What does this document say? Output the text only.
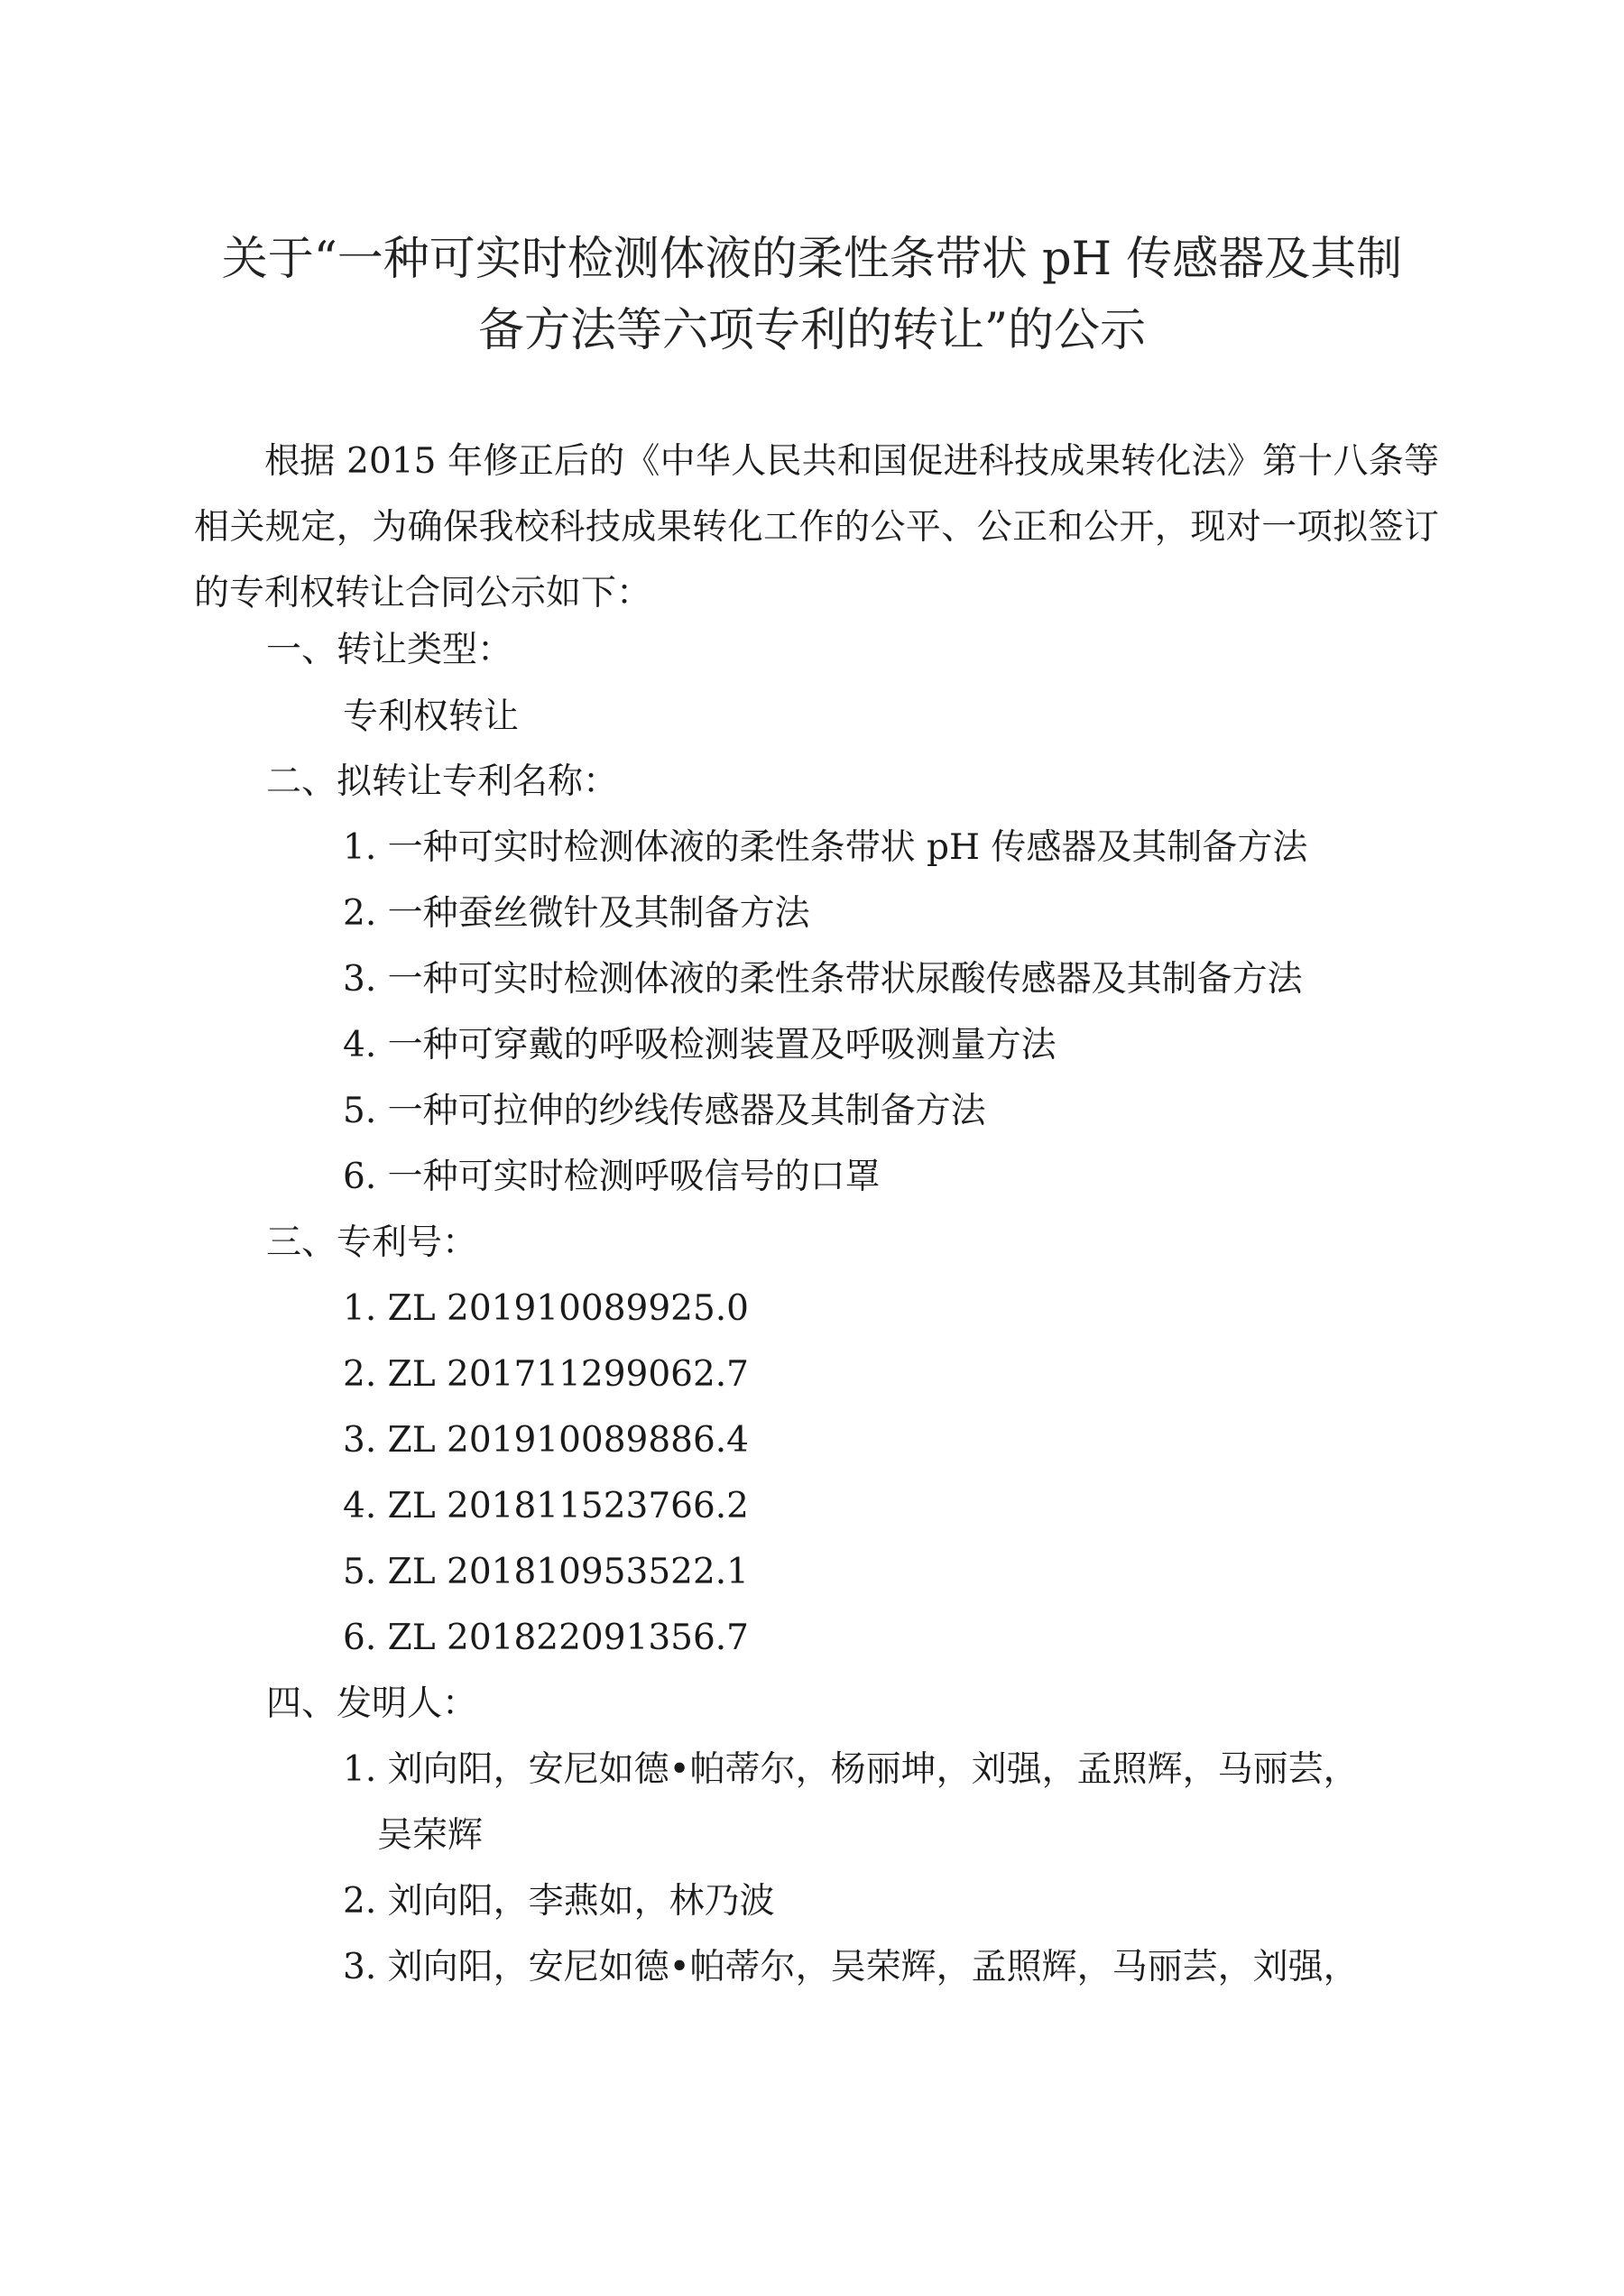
关于“一种可实时检测体液的柔性条带状 pH 传感器及其制
备方法等六项专利的转让”的公示

根据 2015 年修正后的《中华人民共和国促进科技成果转化法》第十八条等相关规定，为确保我校科技成果转化工作的公平、公正和公开，现对一项拟签订的专利权转让合同公示如下：

一、转让类型：
专利权转让
二、拟转让专利名称：
1. 一种可实时检测体液的柔性条带状 pH 传感器及其制备方法
2. 一种蚕丝微针及其制备方法
3. 一种可实时检测体液的柔性条带状尿酸传感器及其制备方法
4. 一种可穿戴的呼吸检测装置及呼吸测量方法
5. 一种可拉伸的纱线传感器及其制备方法
6. 一种可实时检测呼吸信号的口罩
三、专利号：
1. ZL 201910089925.0
2. ZL 201711299062.7
3. ZL 201910089886.4
4. ZL 201811523766.2
5. ZL 201810953522.1
6. ZL 201822091356.7
四、发明人：
1. 刘向阳，安尼如德•帕蒂尔，杨丽坤，刘强，孟照辉，马丽芸，
吴荣辉
2. 刘向阳，李燕如，林乃波
3. 刘向阳，安尼如德•帕蒂尔，吴荣辉，孟照辉，马丽芸，刘强，
